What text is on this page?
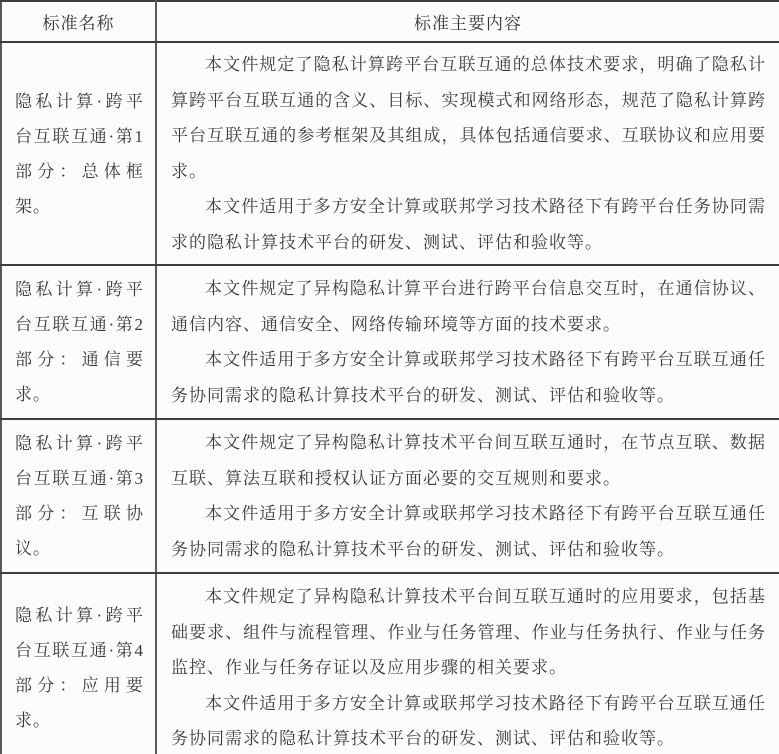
标准名称	标准主要内容
隐私计算·跨平台互联互通·第1部分：总体框架。	本文件规定了隐私计算跨平台互联互通的总体技术要求，明确了隐私计算跨平台互联互通的含义、目标、实现模式和网络形态，规范了隐私计算跨平台互联互通的参考框架及其组成，具体包括通信要求、互联协议和应用要求。

本文件适用于多方安全计算或联邦学习技术路径下有跨平台任务协同需求的隐私计算技术平台的研发、测试、评估和验收等。

隐私计算·跨平台互联互通·第2部分：通信要求。	本文件规定了异构隐私计算平台进行跨平台信息交互时，在通信协议、通信内容、通信安全、网络传输环境等方面的技术要求。

本文件适用于多方安全计算或联邦学习技术路径下有跨平台互联互通任务协同需求的隐私计算技术平台的研发、测试、评估和验收等。

隐私计算·跨平台互联互通·第3部分：互联协议。	本文件规定了异构隐私计算技术平台间互联互通时，在节点互联、数据互联、算法互联和授权认证方面必要的交互规则和要求。

本文件适用于多方安全计算或联邦学习技术路径下有跨平台互联互通任务协同需求的隐私计算技术平台的研发、测试、评估和验收等。

隐私计算·跨平台互联互通·第4部分：应用要求。	本文件规定了异构隐私计算技术平台间互联互通时的应用要求，包括基础要求、组件与流程管理、作业与任务管理、作业与任务执行、作业与任务监控、作业与任务存证以及应用步骤的相关要求。

本文件适用于多方安全计算或联邦学习技术路径下有跨平台互联互通任务协同需求的隐私计算技术平台的研发、测试、评估和验收等。
